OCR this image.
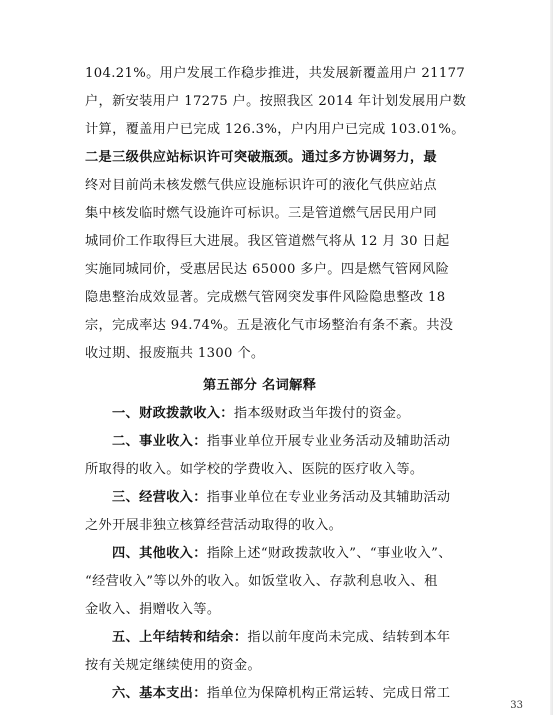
104.21%。用户发展工作稳步推进，共发展新覆盖用户 21177
户，新安装用户 17275 户。按照我区 2014 年计划发展用户数
计算，覆盖用户已完成 126.3%，户内用户已完成 103.01%。
二是三级供应站标识许可突破瓶颈。通过多方协调努力，最
终对目前尚未核发燃气供应设施标识许可的液化气供应站点
集中核发临时燃气设施许可标识。三是管道燃气居民用户同
城同价工作取得巨大进展。我区管道燃气将从 12 月 30 日起
实施同城同价，受惠居民达 65000 多户。四是燃气管网风险
隐患整治成效显著。完成燃气管网突发事件风险隐患整改 18
宗，完成率达 94.74%。五是液化气市场整治有条不紊。共没
收过期、报废瓶共 1300 个。
第五部分 名词解释
一、财政拨款收入：指本级财政当年拨付的资金。
二、事业收入：指事业单位开展专业业务活动及辅助活动
所取得的收入。如学校的学费收入、医院的医疗收入等。
三、经营收入：指事业单位在专业业务活动及其辅助活动
之外开展非独立核算经营活动取得的收入。
四、其他收入：指除上述“财政拨款收入”、“事业收入”、
“经营收入”等以外的收入。如饭堂收入、存款利息收入、租
金收入、捐赠收入等。
五、上年结转和结余：指以前年度尚未完成、结转到本年
按有关规定继续使用的资金。
六、基本支出：指单位为保障机构正常运转、完成日常工
33
